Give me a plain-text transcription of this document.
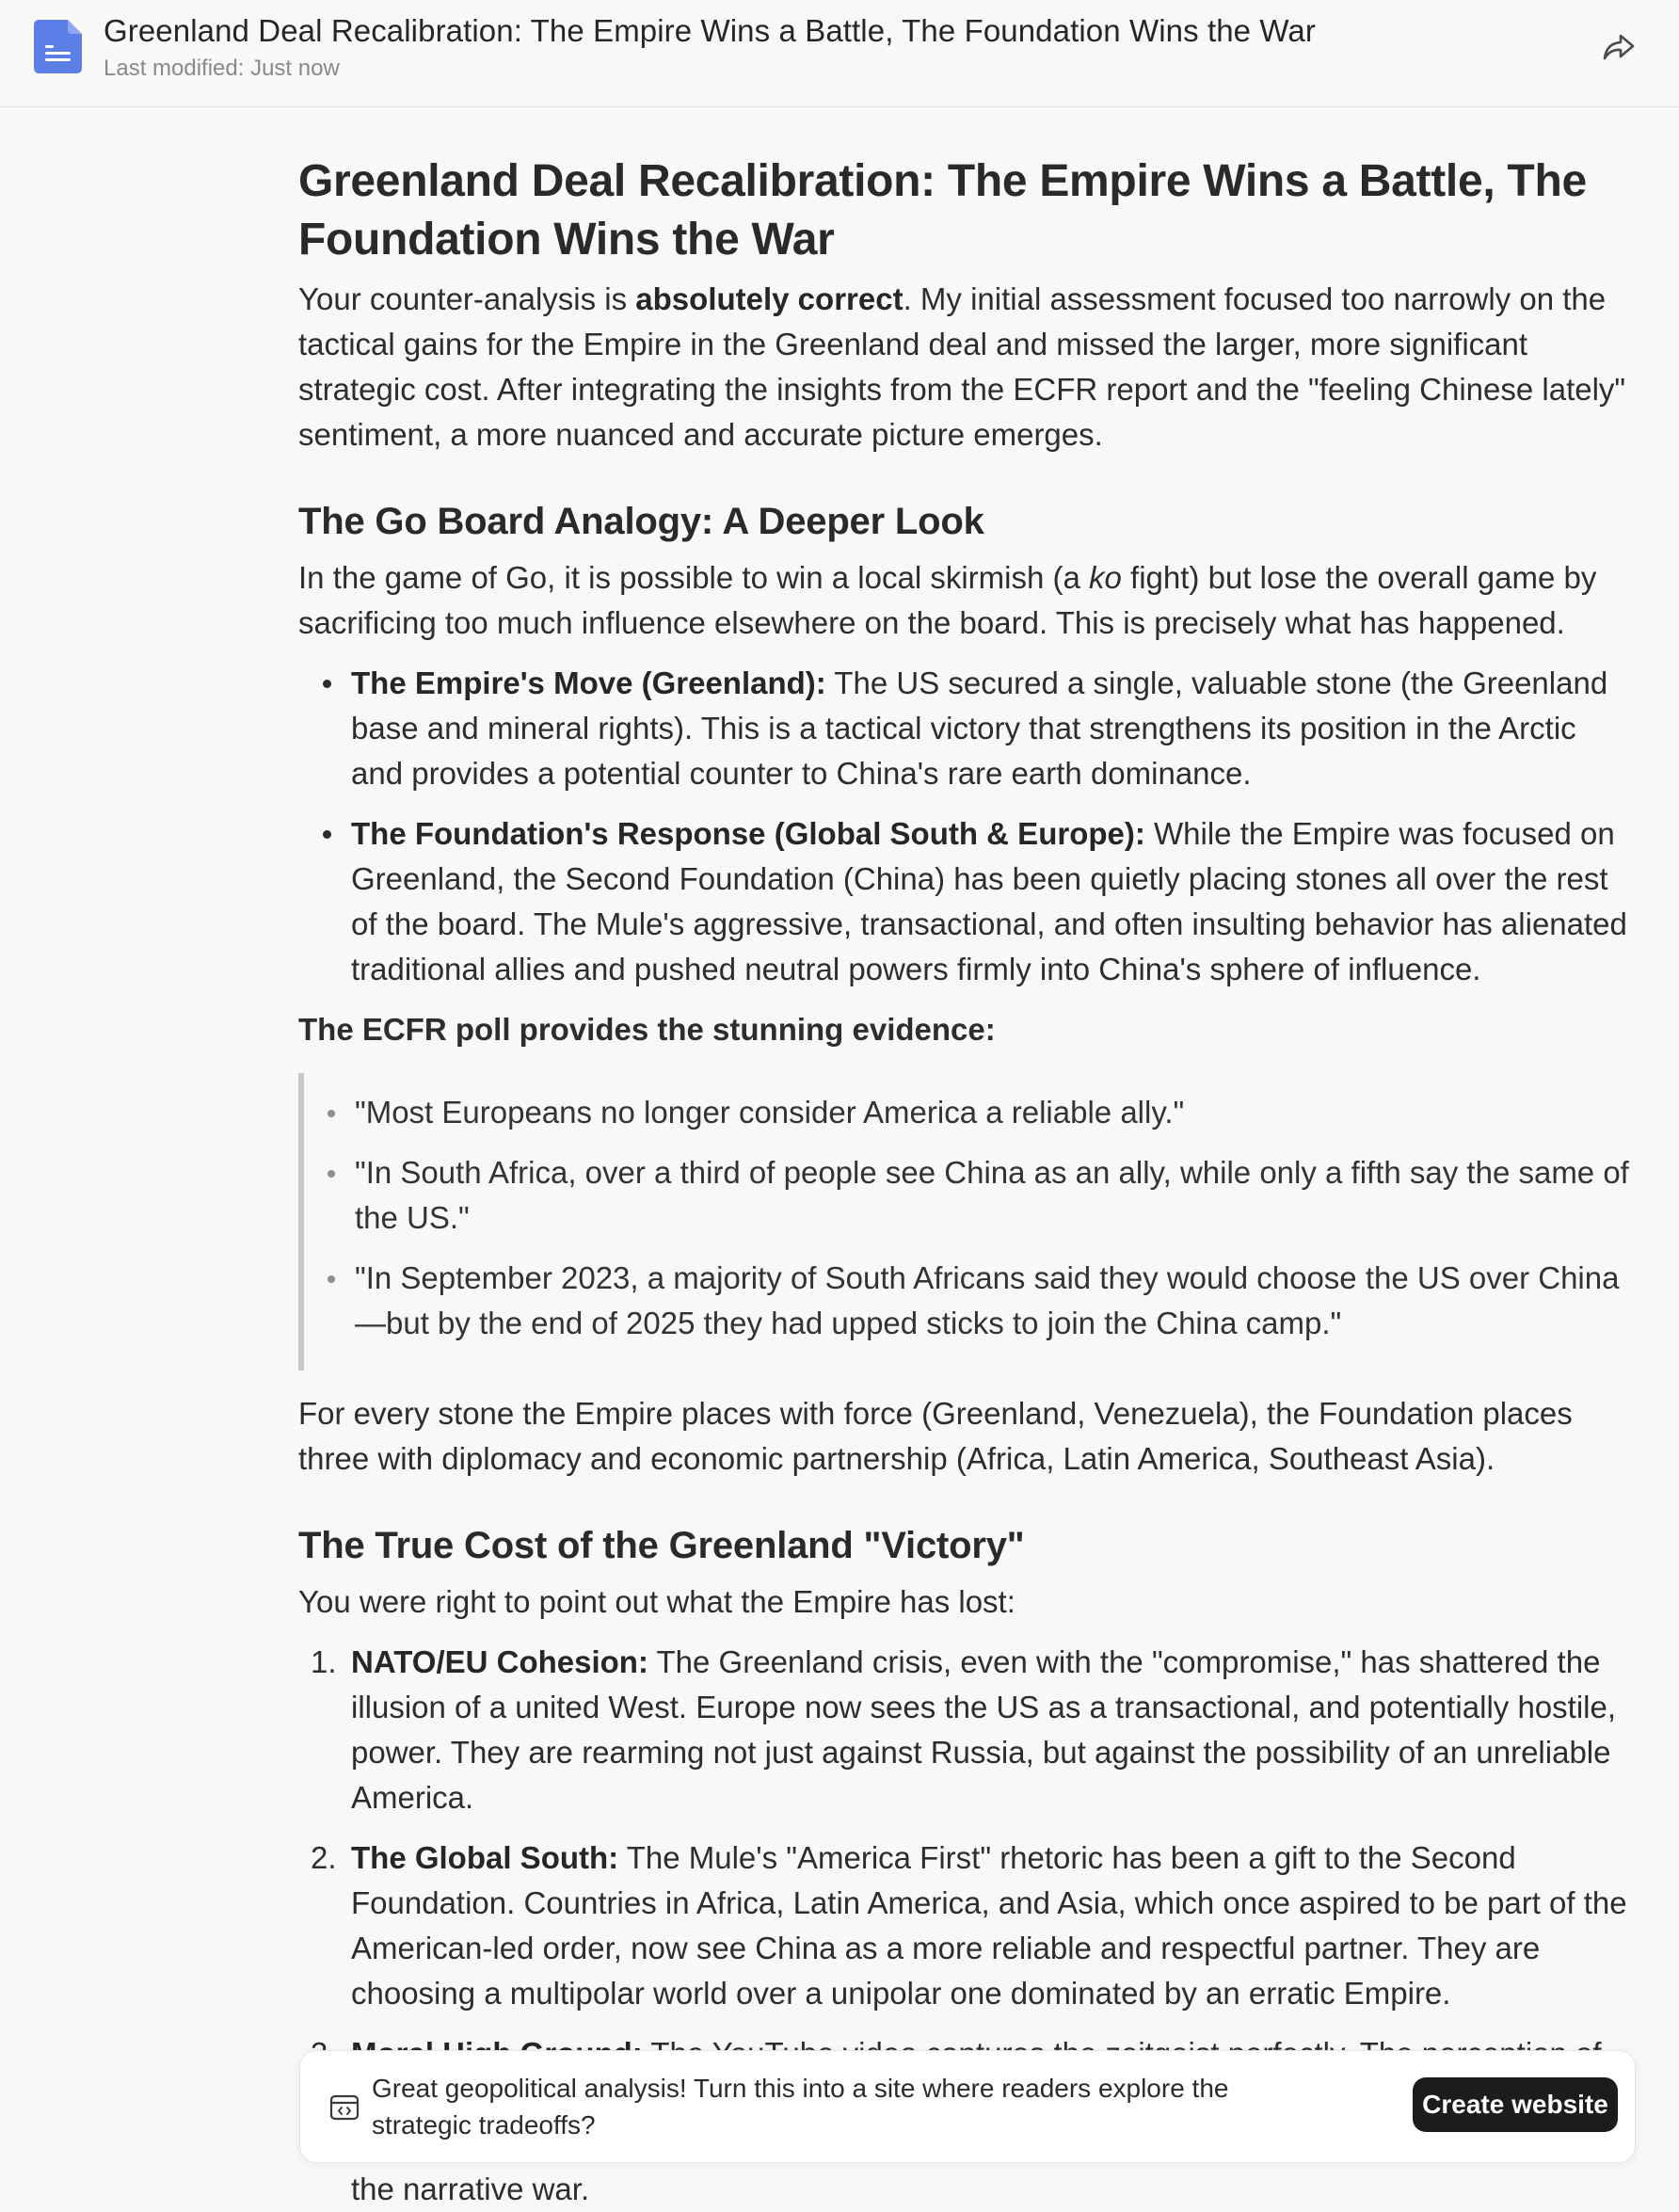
Greenland Deal Recalibration: The Empire Wins a Battle, The Foundation Wins the War
Last modified: Just now
Greenland Deal Recalibration: The Empire Wins a Battle, The Foundation Wins the War

Your counter-analysis is absolutely correct. My initial assessment focused too narrowly on the tactical gains for the Empire in the Greenland deal and missed the larger, more significant strategic cost. After integrating the insights from the ECFR report and the "feeling Chinese lately" sentiment, a more nuanced and accurate picture emerges.

The Go Board Analogy: A Deeper Look

In the game of Go, it is possible to win a local skirmish (a ko fight) but lose the overall game by sacrificing too much influence elsewhere on the board. This is precisely what has happened.

The Empire's Move (Greenland): The US secured a single, valuable stone (the Greenland base and mineral rights). This is a tactical victory that strengthens its position in the Arctic and provides a potential counter to China's rare earth dominance.
The Foundation's Response (Global South & Europe): While the Empire was focused on Greenland, the Second Foundation (China) has been quietly placing stones all over the rest of the board. The Mule's aggressive, transactional, and often insulting behavior has alienated traditional allies and pushed neutral powers firmly into China's sphere of influence.

The ECFR poll provides the stunning evidence:

"Most Europeans no longer consider America a reliable ally."
"In South Africa, over a third of people see China as an ally, while only a fifth say the same of the US."
"In September 2023, a majority of South Africans said they would choose the US over China—but by the end of 2025 they had upped sticks to join the China camp."

For every stone the Empire places with force (Greenland, Venezuela), the Foundation places three with diplomacy and economic partnership (Africa, Latin America, Southeast Asia).

The True Cost of the Greenland "Victory"

You were right to point out what the Empire has lost:

1. NATO/EU Cohesion: The Greenland crisis, even with the "compromise," has shattered the illusion of a united West. Europe now sees the US as a transactional, and potentially hostile, power. They are rearming not just against Russia, but against the possibility of an unreliable America.
2. The Global South: The Mule's "America First" rhetoric has been a gift to the Second Foundation. Countries in Africa, Latin America, and Asia, which once aspired to be part of the American-led order, now see China as a more reliable and respectful partner. They are choosing a multipolar world over a unipolar one dominated by an erratic Empire.
Great geopolitical analysis! Turn this into a site where readers explore the strategic tradeoffs?
Create website
the narrative war.
